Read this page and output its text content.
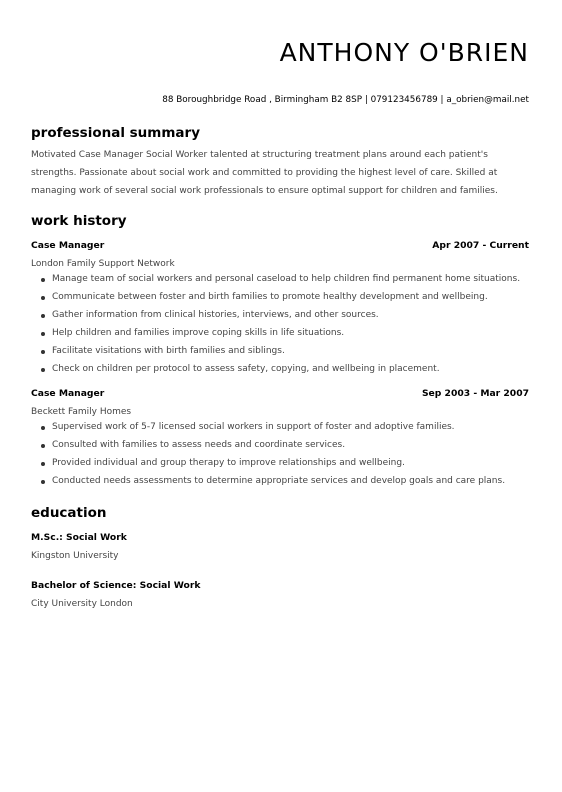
ANTHONY O'BRIEN
88 Boroughbridge Road , Birmingham B2 8SP | 079123456789 | a_obrien@mail.net
professional summary
Motivated Case Manager Social Worker talented at structuring treatment plans around each patient's strengths. Passionate about social work and committed to providing the highest level of care. Skilled at managing work of several social work professionals to ensure optimal support for children and families.
work history
Case Manager	Apr 2007 - Current
London Family Support Network
Manage team of social workers and personal caseload to help children find permanent home situations.
Communicate between foster and birth families to promote healthy development and wellbeing.
Gather information from clinical histories, interviews, and other sources.
Help children and families improve coping skills in life situations.
Facilitate visitations with birth families and siblings.
Check on children per protocol to assess safety, copying, and wellbeing in placement.
Case Manager	Sep 2003 - Mar 2007
Beckett Family Homes
Supervised work of 5-7 licensed social workers in support of foster and adoptive families.
Consulted with families to assess needs and coordinate services.
Provided individual and group therapy to improve relationships and wellbeing.
Conducted needs assessments to determine appropriate services and develop goals and care plans.
education
M.Sc.: Social Work
Kingston University
Bachelor of Science: Social Work
City University London
